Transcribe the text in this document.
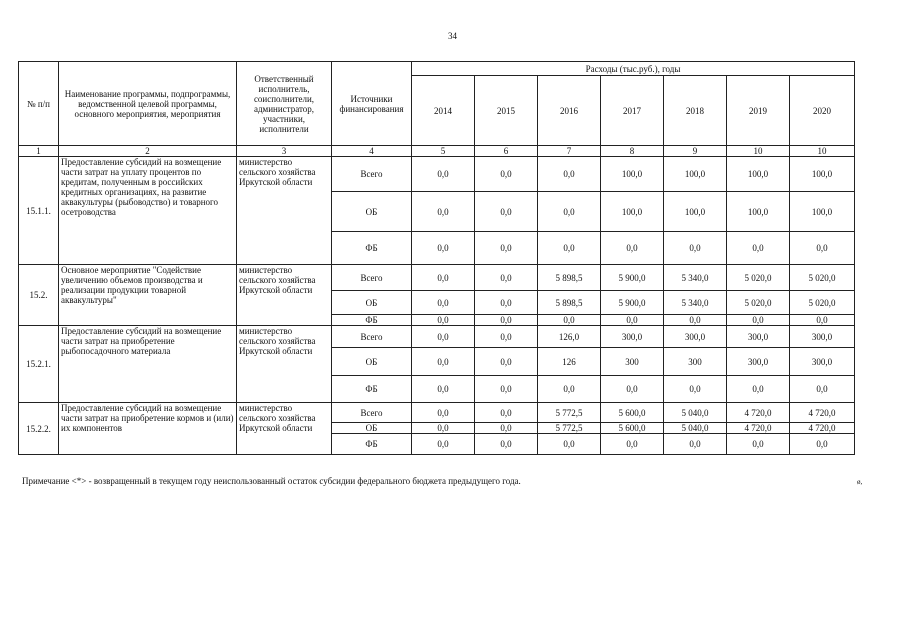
34
№ п/п	Наименование программы, подпрограммы, ведомственной целевой программы, основного мероприятия, мероприятия	Ответственный исполнитель, соисполнители, администратор, участники, исполнители	Источники финансирования	Расходы (тыс.руб.), годы						
				2014	2015	2016	2017	2018	2019	2020
1	2	3	4	5	6	7	8	9	10	10
15.1.1.	Предоставление субсидий на возмещение части затрат на уплату процентов по кредитам, полученным в российских кредитных организациях, на развитие аквакультуры (рыбоводство) и товарного осетроводства	министерство сельского хозяйства Иркутской области	Всего	0,0	0,0	0,0	100,0	100,0	100,0	100,0
			ОБ	0,0	0,0	0,0	100,0	100,0	100,0	100,0
			ФБ	0,0	0,0	0,0	0,0	0,0	0,0	0,0
15.2.	Основное мероприятие "Содействие увеличению объемов производства и реализации продукции товарной аквакультуры"	министерство сельского хозяйства Иркутской области	Всего	0,0	0,0	5 898,5	5 900,0	5 340,0	5 020,0	5 020,0
			ОБ	0,0	0,0	5 898,5	5 900,0	5 340,0	5 020,0	5 020,0
			ФБ	0,0	0,0	0,0	0,0	0,0	0,0	0,0
15.2.1.	Предоставление субсидий на возмещение части затрат на приобретение рыбопосадочного материала	министерство сельского хозяйства Иркутской области	Всего	0,0	0,0	126,0	300,0	300,0	300,0	300,0
			ОБ	0,0	0,0	126	300	300	300,0	300,0
			ФБ	0,0	0,0	0,0	0,0	0,0	0,0	0,0
15.2.2.	Предоставление субсидий на возмещение части затрат на приобретение кормов и (или) их компонентов	министерство сельского хозяйства Иркутской области	Всего	0,0	0,0	5 772,5	5 600,0	5 040,0	4 720,0	4 720,0
			ОБ	0,0	0,0	5 772,5	5 600,0	5 040,0	4 720,0	4 720,0
			ФБ	0,0	0,0	0,0	0,0	0,0	0,0	0,0
Примечание <*> - возвращенный в текущем году неиспользованный остаток субсидии федерального бюджета предыдущего года.	ø,
